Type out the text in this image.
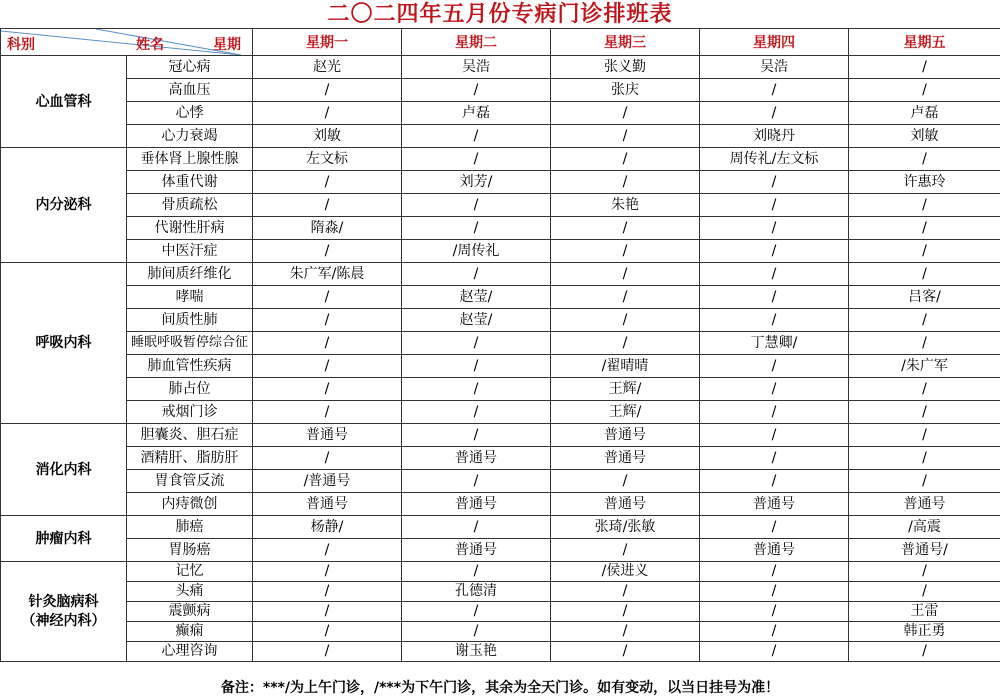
二〇二四年五月份专病门诊排班表
科别 姓名 星期		星期一	星期二	星期三	星期四	星期五
心血管科	冠心病	赵光	吴浩	张义勤	吴浩	/
	高血压	/	/	张庆	/	/
	心悸	/	卢磊	/	/	卢磊
	心力衰竭	刘敏	/	/	刘晓丹	刘敏
内分泌科	垂体肾上腺性腺	左文标	/	/	周传礼/左文标	/
	体重代谢	/	刘芳/	/	/	许惠玲
	骨质疏松	/	/	朱艳	/	/
	代谢性肝病	隋淼/	/	/	/	/
	中医汗症	/	/周传礼	/	/	/
呼吸内科	肺间质纤维化	朱广军/陈晨	/	/	/	/
	哮喘	/	赵莹/	/	/	吕客/
	间质性肺	/	赵莹/	/	/	/
	睡眠呼吸暂停综合征	/	/	/	丁慧卿/	/
	肺血管性疾病	/	/	/翟晴晴	/	/朱广军
	肺占位	/	/	王辉/	/	/
	戒烟门诊	/	/	王辉/	/	/
消化内科	胆囊炎、胆石症	普通号	/	普通号	/	/
	酒精肝、脂肪肝	/	普通号	普通号	/	/
	胃食管反流	/普通号	/	/	/	/
	内痔微创	普通号	普通号	普通号	普通号	普通号
肿瘤内科	肺癌	杨静/	/	张琦/张敏	/	/高震
	胃肠癌	/	普通号	/	普通号	普通号/
针灸脑病科
（神经内科）	记忆	/	/	/侯进义	/	/
	头痛	/	孔德清	/	/	/
	震颤病	/	/	/	/	王雷
	癫痫	/	/	/	/	韩正勇
	心理咨询	/	谢玉艳	/	/	/
备注：***/为上午门诊，/***为下午门诊，其余为全天门诊。如有变动，以当日挂号为准！
